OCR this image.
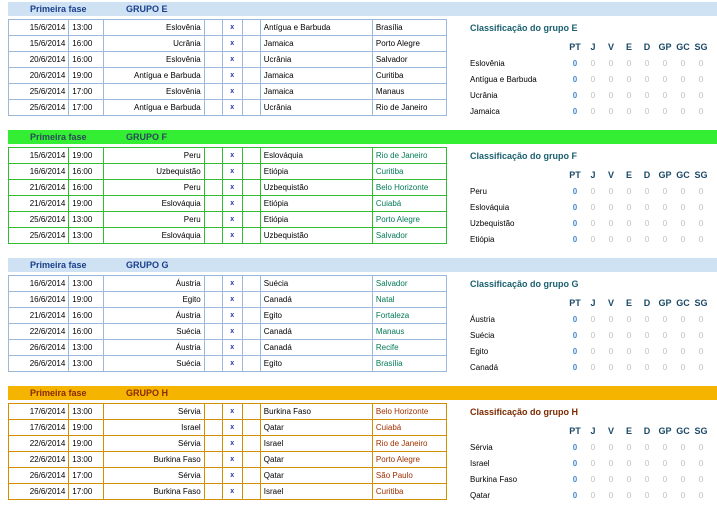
Primeira fase	GRUPO E
15/6/2014	13:00	Eslovênia		x		Antígua e Barbuda	Brasília
15/6/2014	16:00	Ucrânia		x		Jamaica	Porto Alegre
20/6/2014	16:00	Eslovênia		x		Ucrânia	Salvador
20/6/2014	19:00	Antígua e Barbuda		x		Jamaica	Curitiba
25/6/2014	17:00	Eslovênia		x		Jamaica	Manaus
25/6/2014	17:00	Antígua e Barbuda		x		Ucrânia	Rio de Janeiro
Classificação do grupo E
	PT	J	V	E	D	GP	GC	SG
Eslovênia	0	0	0	0	0	0	0	0
Antígua e Barbuda	0	0	0	0	0	0	0	0
Ucrânia	0	0	0	0	0	0	0	0
Jamaica	0	0	0	0	0	0	0	0
Primeira fase	GRUPO F
15/6/2014	19:00	Peru		x		Eslováquia	Rio de Janeiro
16/6/2014	16:00	Uzbequistão		x		Etiópia	Curitiba
21/6/2014	16:00	Peru		x		Uzbequistão	Belo Horizonte
21/6/2014	19:00	Eslováquia		x		Etiópia	Cuiabá
25/6/2014	13:00	Peru		x		Etiópia	Porto Alegre
25/6/2014	13:00	Eslováquia		x		Uzbequistão	Salvador
Classificação do grupo F
	PT	J	V	E	D	GP	GC	SG
Peru	0	0	0	0	0	0	0	0
Eslováquia	0	0	0	0	0	0	0	0
Uzbequistão	0	0	0	0	0	0	0	0
Etiópia	0	0	0	0	0	0	0	0
Primeira fase	GRUPO G
16/6/2014	13:00	Áustria		x		Suécia	Salvador
16/6/2014	19:00	Egito		x		Canadá	Natal
21/6/2014	16:00	Áustria		x		Egito	Fortaleza
22/6/2014	16:00	Suécia		x		Canadá	Manaus
26/6/2014	13:00	Áustria		x		Canadá	Recife
26/6/2014	13:00	Suécia		x		Egito	Brasília
Classificação do grupo G
	PT	J	V	E	D	GP	GC	SG
Áustria	0	0	0	0	0	0	0	0
Suécia	0	0	0	0	0	0	0	0
Egito	0	0	0	0	0	0	0	0
Canadá	0	0	0	0	0	0	0	0
Primeira fase	GRUPO H
17/6/2014	13:00	Sérvia		x		Burkina Faso	Belo Horizonte
17/6/2014	19:00	Israel		x		Qatar	Cuiabá
22/6/2014	19:00	Sérvia		x		Israel	Rio de Janeiro
22/6/2014	13:00	Burkina Faso		x		Qatar	Porto Alegre
26/6/2014	17:00	Sérvia		x		Qatar	São Paulo
26/6/2014	17:00	Burkina Faso		x		Israel	Curitiba
Classificação do grupo H
	PT	J	V	E	D	GP	GC	SG
Sérvia	0	0	0	0	0	0	0	0
Israel	0	0	0	0	0	0	0	0
Burkina Faso	0	0	0	0	0	0	0	0
Qatar	0	0	0	0	0	0	0	0
